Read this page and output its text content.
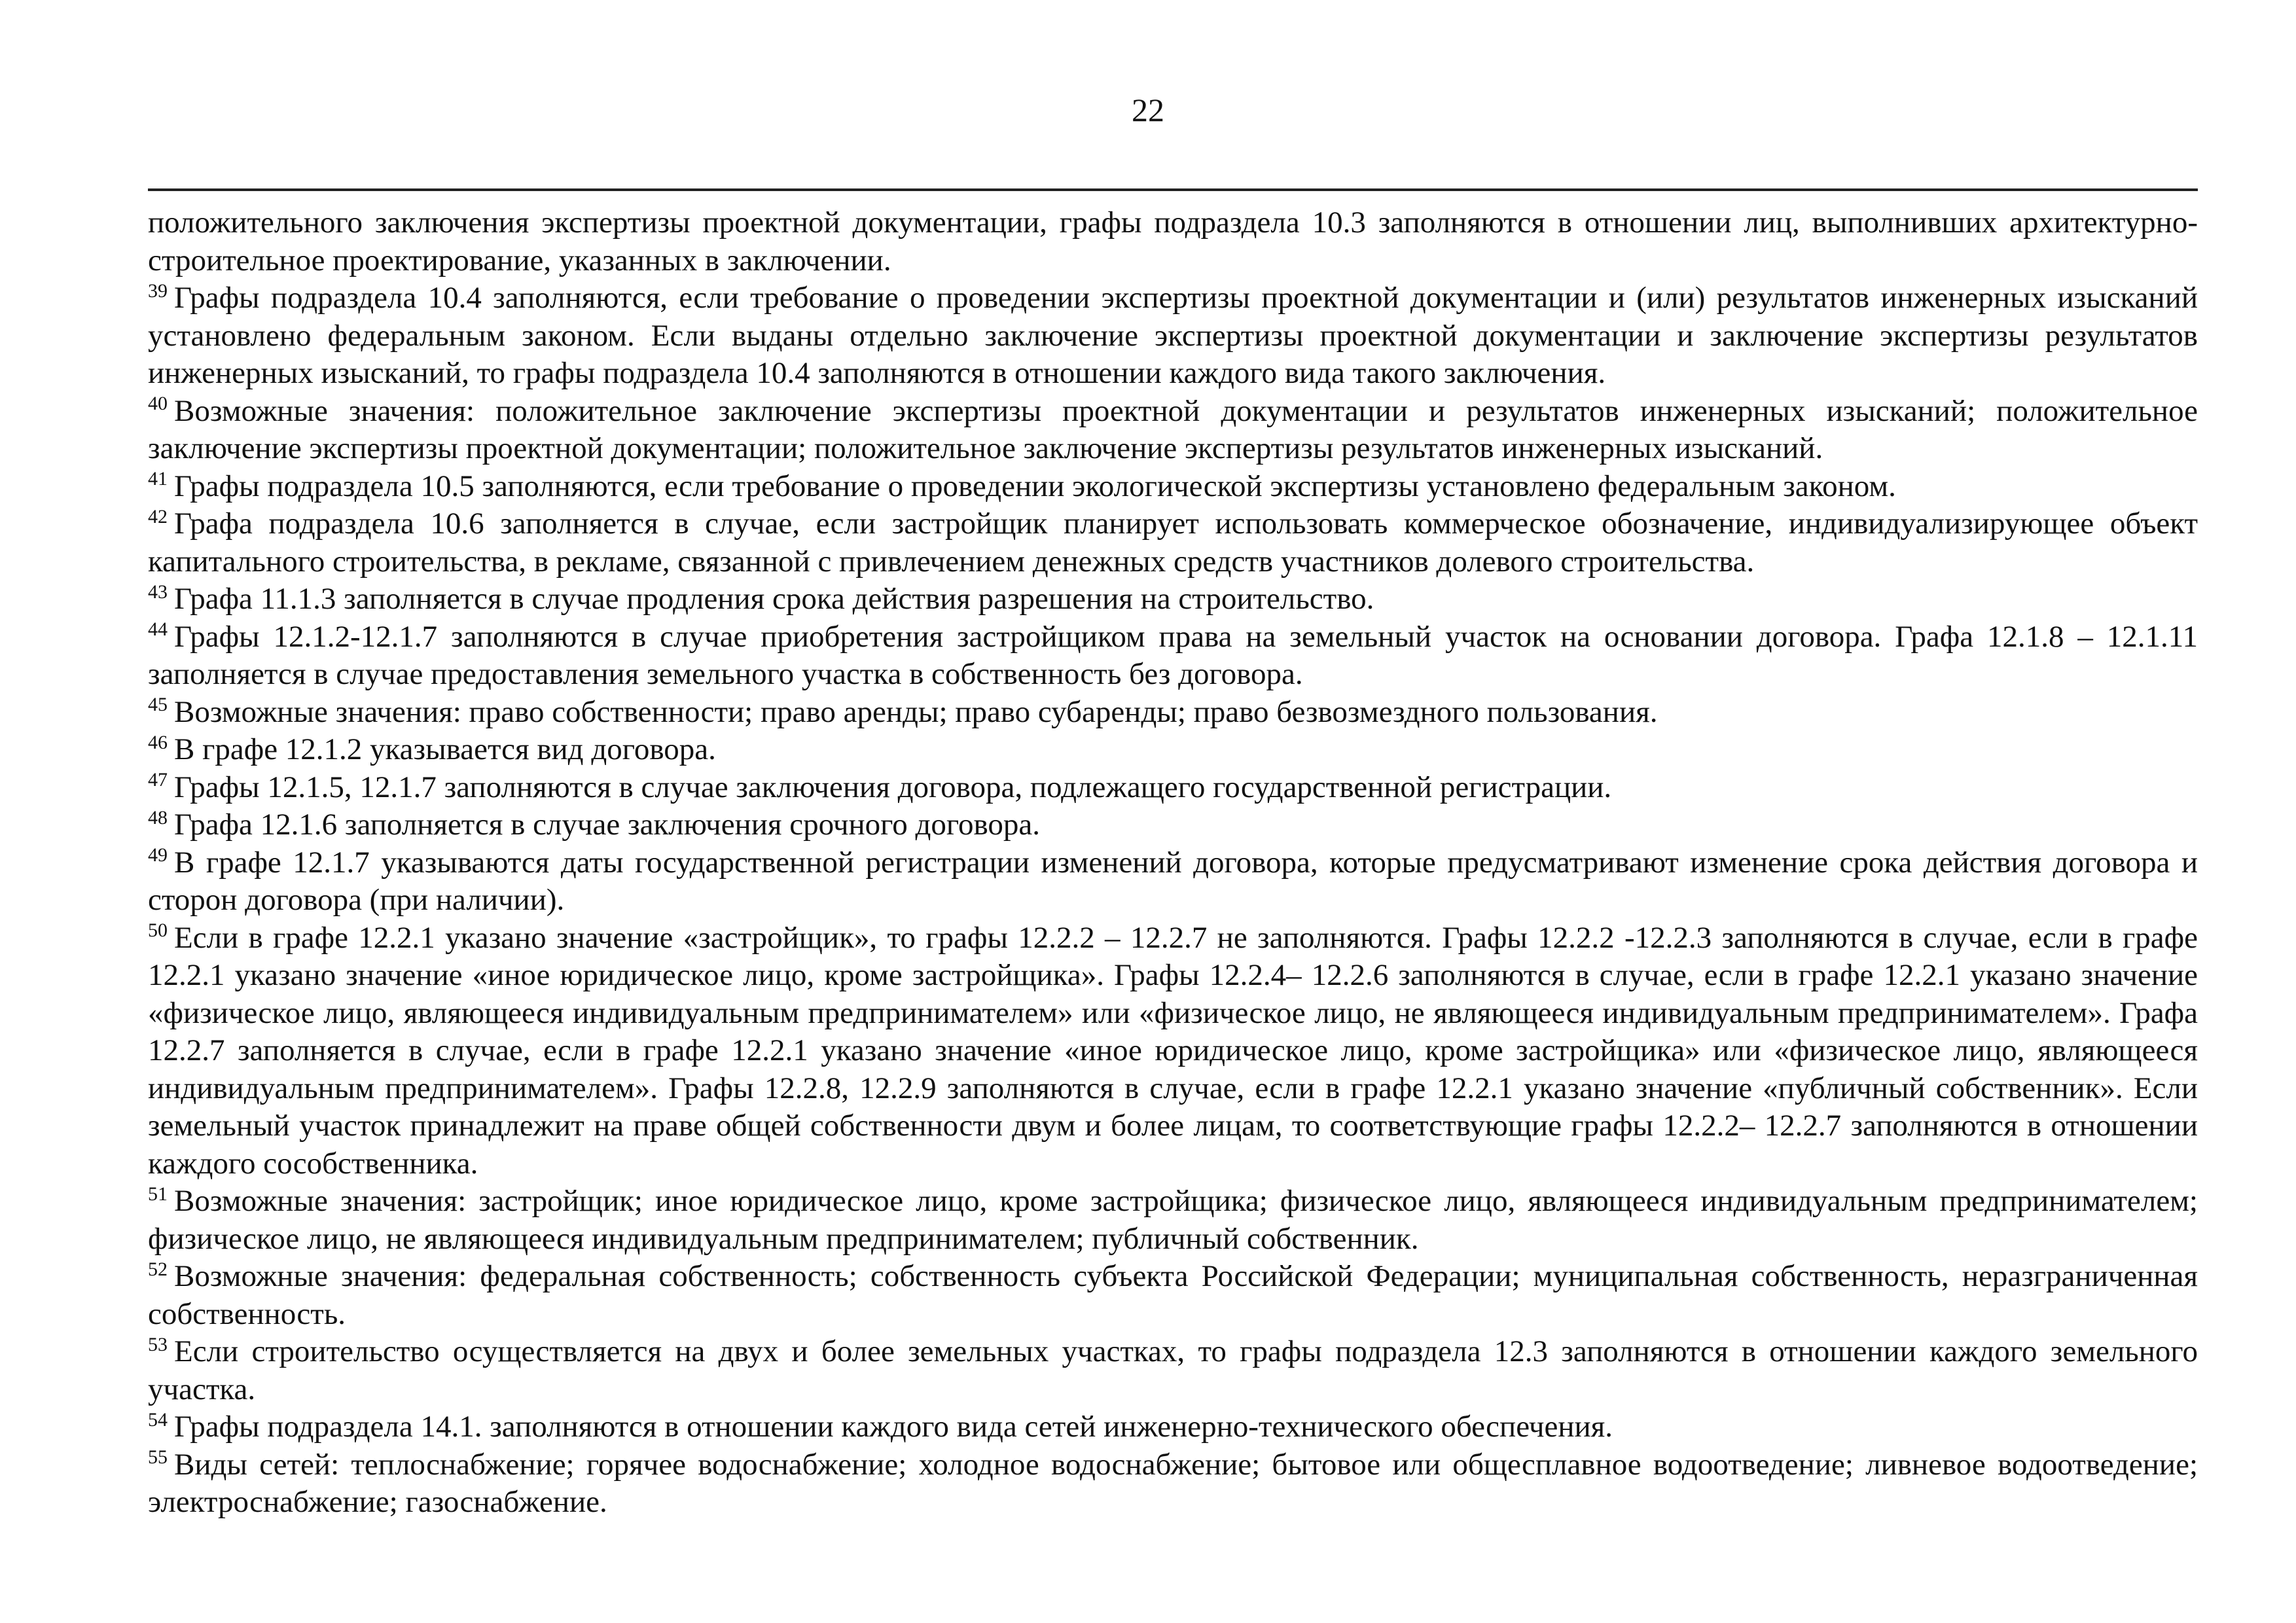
22

положительного заключения экспертизы проектной документации, графы подраздела 10.3 заполняются в отношении лиц, выполнивших архитектурно-строительное проектирование, указанных в заключении.

$^{39}$ Графы подраздела 10.4 заполняются, если требование о проведении экспертизы проектной документации и (или) результатов инженерных изысканий установлено федеральным законом. Если выданы отдельно заключение экспертизы проектной документации и заключение экспертизы результатов инженерных изысканий, то графы подраздела 10.4 заполняются в отношении каждого вида такого заключения.

$^{40}$ Возможные значения: положительное заключение экспертизы проектной документации и результатов инженерных изысканий; положительное заключение экспертизы проектной документации; положительное заключение экспертизы результатов инженерных изысканий.

$^{41}$ Графы подраздела 10.5 заполняются, если требование о проведении экологической экспертизы установлено федеральным законом.

$^{42}$ Графа подраздела 10.6 заполняется в случае, если застройщик планирует использовать коммерческое обозначение, индивидуализирующее объект капитального строительства, в рекламе, связанной с привлечением денежных средств участников долевого строительства.

$^{43}$ Графа 11.1.3 заполняется в случае продления срока действия разрешения на строительство.

$^{44}$ Графы 12.1.2-12.1.7 заполняются в случае приобретения застройщиком права на земельный участок на основании договора. Графа 12.1.8 – 12.1.11 заполняется в случае предоставления земельного участка в собственность без договора.

$^{45}$ Возможные значения: право собственности; право аренды; право субаренды; право безвозмездного пользования.

$^{46}$ В графе 12.1.2 указывается вид договора.

$^{47}$ Графы 12.1.5, 12.1.7 заполняются в случае заключения договора, подлежащего государственной регистрации.

$^{48}$ Графа 12.1.6 заполняется в случае заключения срочного договора.

$^{49}$ В графе 12.1.7 указываются даты государственной регистрации изменений договора, которые предусматривают изменение срока действия договора и сторон договора (при наличии).

$^{50}$ Если в графе 12.2.1 указано значение «застройщик», то графы 12.2.2 – 12.2.7 не заполняются. Графы 12.2.2 -12.2.3 заполняются в случае, если в графе 12.2.1 указано значение «иное юридическое лицо, кроме застройщика». Графы 12.2.4– 12.2.6 заполняются в случае, если в графе 12.2.1 указано значение «физическое лицо, являющееся индивидуальным предпринимателем» или «физическое лицо, не являющееся индивидуальным предпринимателем». Графа 12.2.7 заполняется в случае, если в графе 12.2.1 указано значение «иное юридическое лицо, кроме застройщика» или «физическое лицо, являющееся индивидуальным предпринимателем». Графы 12.2.8, 12.2.9 заполняются в случае, если в графе 12.2.1 указано значение «публичный собственник». Если земельный участок принадлежит на праве общей собственности двум и более лицам, то соответствующие графы 12.2.2– 12.2.7 заполняются в отношении каждого сособственника.

$^{51}$ Возможные значения: застройщик; иное юридическое лицо, кроме застройщика; физическое лицо, являющееся индивидуальным предпринимателем; физическое лицо, не являющееся индивидуальным предпринимателем; публичный собственник.

$^{52}$ Возможные значения: федеральная собственность; собственность субъекта Российской Федерации; муниципальная собственность, неразграниченная собственность.

$^{53}$ Если строительство осуществляется на двух и более земельных участках, то графы подраздела 12.3 заполняются в отношении каждого земельного участка.

$^{54}$ Графы подраздела 14.1. заполняются в отношении каждого вида сетей инженерно-технического обеспечения.

$^{55}$ Виды сетей: теплоснабжение; горячее водоснабжение; холодное водоснабжение; бытовое или общесплавное водоотведение; ливневое водоотведение; электроснабжение; газоснабжение.
